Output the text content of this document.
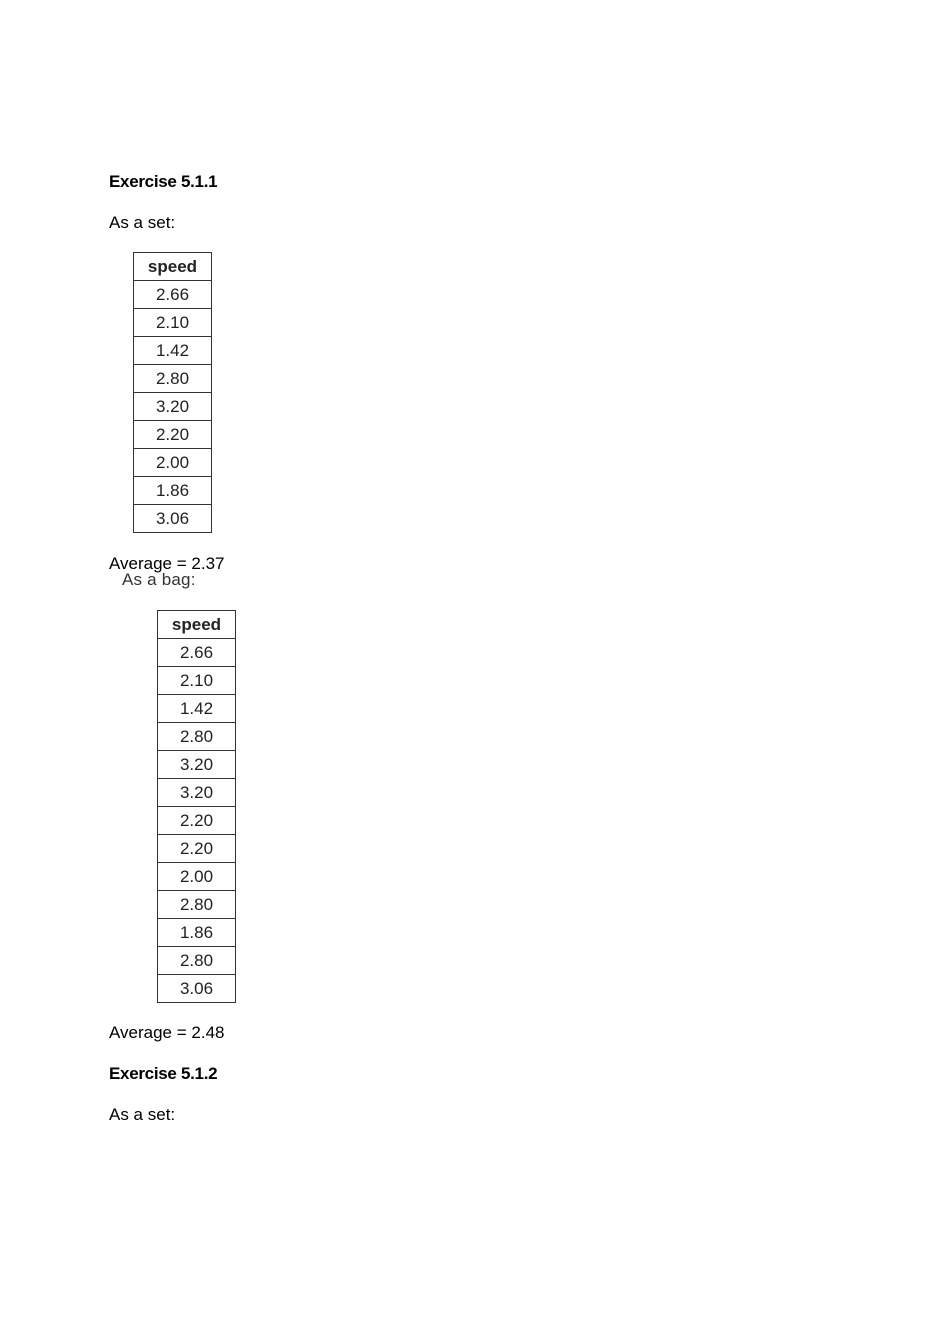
Exercise 5.1.1
As a set:
speed
2.66
2.10
1.42
2.80
3.20
2.20
2.00
1.86
3.06
Average = 2.37
As a bag:
speed
2.66
2.10
1.42
2.80
3.20
3.20
2.20
2.20
2.00
2.80
1.86
2.80
3.06
Average = 2.48
Exercise 5.1.2
As a set:
